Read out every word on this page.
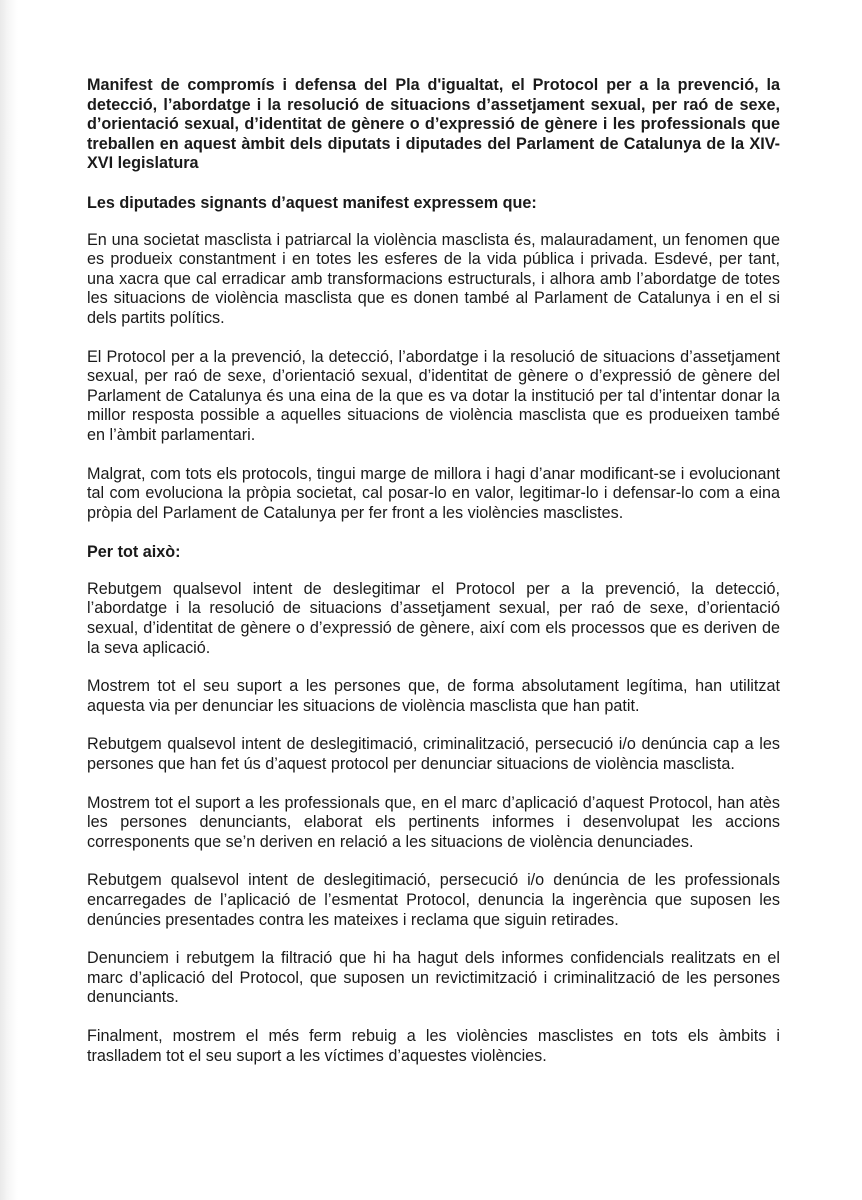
Manifest de compromís i defensa del Pla d'igualtat, el Protocol per a la prevenció, la detecció, l’abordatge i la resolució de situacions d’assetjament sexual, per raó de sexe, d’orientació sexual, d’identitat de gènere o d’expressió de gènere i les professionals que treballen en aquest àmbit dels diputats i diputades del Parlament de Catalunya de la XIV- XVI legislatura

Les diputades signants d’aquest manifest expressem que:

En una societat masclista i patriarcal la violència masclista és, malauradament, un fenomen que es produeix constantment i en totes les esferes de la vida pública i privada. Esdevé, per tant, una xacra que cal erradicar amb transformacions estructurals, i alhora amb l’abordatge de totes les situacions de violència masclista que es donen també al Parlament de Catalunya i en el si dels partits polítics.

El Protocol per a la prevenció, la detecció, l’abordatge i la resolució de situacions d’assetjament sexual, per raó de sexe, d’orientació sexual, d’identitat de gènere o d’expressió de gènere del Parlament de Catalunya és una eina de la que es va dotar la institució per tal d’intentar donar la millor resposta possible a aquelles situacions de violència masclista que es produeixen també en l’àmbit parlamentari.

Malgrat, com tots els protocols, tingui marge de millora i hagi d’anar modificant-se i evolucionant tal com evoluciona la pròpia societat, cal posar-lo en valor, legitimar-lo i defensar-lo com a eina pròpia del Parlament de Catalunya per fer front a les violències masclistes.

Per tot això:

Rebutgem qualsevol intent de deslegitimar el Protocol per a la prevenció, la detecció, l’abordatge i la resolució de situacions d’assetjament sexual, per raó de sexe, d’orientació sexual, d’identitat de gènere o d’expressió de gènere, així com els processos que es deriven de la seva aplicació.

Mostrem tot el seu suport a les persones que, de forma absolutament legítima, han utilitzat aquesta via per denunciar les situacions de violència masclista que han patit.

Rebutgem qualsevol intent de deslegitimació, criminalització, persecució i/o denúncia cap a les persones que han fet ús d’aquest protocol per denunciar situacions de violència masclista.

Mostrem tot el suport a les professionals que, en el marc d’aplicació d’aquest Protocol, han atès les persones denunciants, elaborat els pertinents informes i desenvolupat les accions corresponents que se’n deriven en relació a les situacions de violència denunciades.

Rebutgem qualsevol intent de deslegitimació, persecució i/o denúncia de les professionals encarregades de l’aplicació de l’esmentat Protocol, denuncia la ingerència que suposen les denúncies presentades contra les mateixes i reclama que siguin retirades.

Denunciem i rebutgem la filtració que hi ha hagut dels informes confidencials realitzats en el marc d’aplicació del Protocol, que suposen un revictimització i criminalització de les persones denunciants.

Finalment, mostrem el més ferm rebuig a les violències masclistes en tots els àmbits i traslladem tot el seu suport a les víctimes d’aquestes violències.
